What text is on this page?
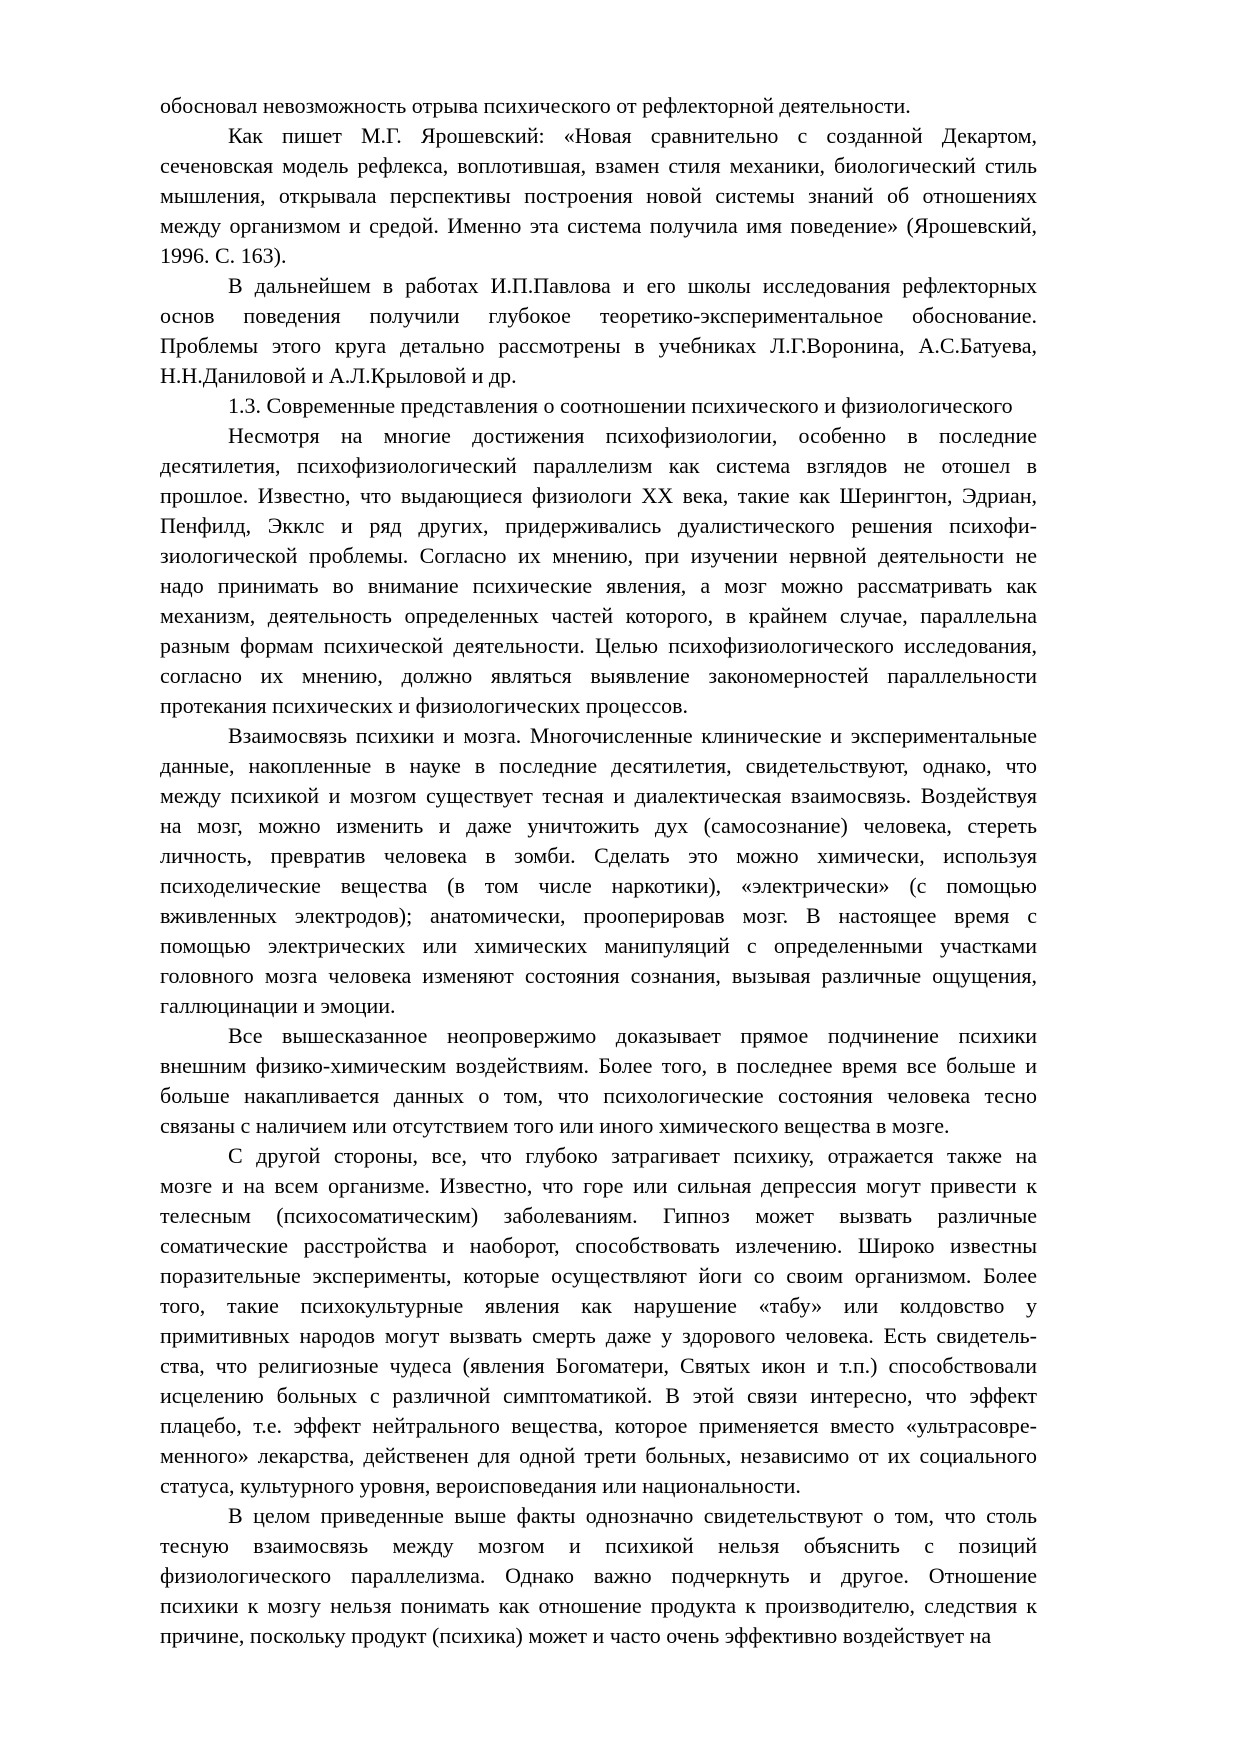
обосновал невозможность отрыва психического от рефлекторной деятельности.
Как пишет М.Г. Ярошевский: «Новая сравнительно с созданной Декартом,
сеченовская модель рефлекса, воплотившая, взамен стиля механики, биологический стиль
мышления, открывала перспективы построения новой системы знаний об отношениях
между организмом и средой. Именно эта система получила имя поведение» (Ярошевский,
1996. С. 163).
В дальнейшем в работах И.П.Павлова и его школы исследования рефлекторных
основ поведения получили глубокое теоретико-экспериментальное обоснование.
Проблемы этого круга детально рассмотрены в учебниках Л.Г.Воронина, А.С.Батуева,
Н.Н.Даниловой и А.Л.Крыловой и др.
1.3. Современные представления о соотношении психического и физиологического
Несмотря на многие достижения психофизиологии, особенно в последние
десятилетия, психофизиологический параллелизм как система взглядов не отошел в
прошлое. Известно, что выдающиеся физиологи XX века, такие как Шерингтон, Эдриан,
Пенфилд, Экклс и ряд других, придерживались дуалистического решения психофи-
зиологической проблемы. Согласно их мнению, при изучении нервной деятельности не
надо принимать во внимание психические явления, а мозг можно рассматривать как
механизм, деятельность определенных частей которого, в крайнем случае, параллельна
разным формам психической деятельности. Целью психофизиологического исследования,
согласно их мнению, должно являться выявление закономерностей параллельности
протекания психических и физиологических процессов.
Взаимосвязь психики и мозга. Многочисленные клинические и экспериментальные
данные, накопленные в науке в последние десятилетия, свидетельствуют, однако, что
между психикой и мозгом существует тесная и диалектическая взаимосвязь. Воздействуя
на мозг, можно изменить и даже уничтожить дух (самосознание) человека, стереть
личность, превратив человека в зомби. Сделать это можно химически, используя
психоделические вещества (в том числе наркотики), «электрически» (с помощью
вживленных электродов); анатомически, прооперировав мозг. В настоящее время с
помощью электрических или химических манипуляций с определенными участками
головного мозга человека изменяют состояния сознания, вызывая различные ощущения,
галлюцинации и эмоции.
Все вышесказанное неопровержимо доказывает прямое подчинение психики
внешним физико-химическим воздействиям. Более того, в последнее время все больше и
больше накапливается данных о том, что психологические состояния человека тесно
связаны с наличием или отсутствием того или иного химического вещества в мозге.
С другой стороны, все, что глубоко затрагивает психику, отражается также на
мозге и на всем организме. Известно, что горе или сильная депрессия могут привести к
телесным (психосоматическим) заболеваниям. Гипноз может вызвать различные
соматические расстройства и наоборот, способствовать излечению. Широко известны
поразительные эксперименты, которые осуществляют йоги со своим организмом. Более
того, такие психокультурные явления как нарушение «табу» или колдовство у
примитивных народов могут вызвать смерть даже у здорового человека. Есть свидетель-
ства, что религиозные чудеса (явления Богоматери, Святых икон и т.п.) способствовали
исцелению больных с различной симптоматикой. В этой связи интересно, что эффект
плацебо, т.е. эффект нейтрального вещества, которое применяется вместо «ультрасовре-
менного» лекарства, действенен для одной трети больных, независимо от их социального
статуса, культурного уровня, вероисповедания или национальности.
В целом приведенные выше факты однозначно свидетельствуют о том, что столь
тесную взаимосвязь между мозгом и психикой нельзя объяснить с позиций
физиологического параллелизма. Однако важно подчеркнуть и другое. Отношение
психики к мозгу нельзя понимать как отношение продукта к производителю, следствия к
причине, поскольку продукт (психика) может и часто очень эффективно воздействует на
